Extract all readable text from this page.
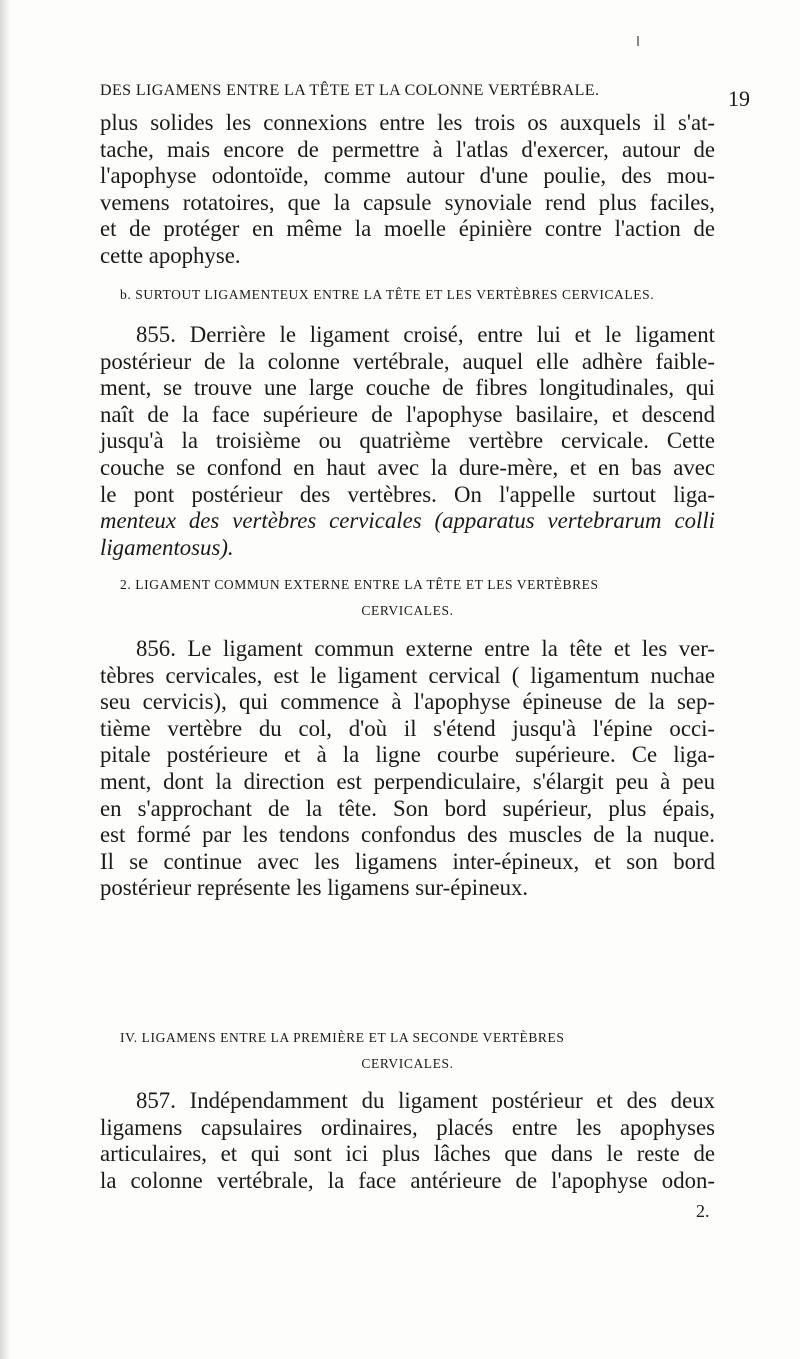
DES LIGAMENS ENTRE LA TÊTE ET LA COLONNE VERTÉBRALE.	19
plus solides les connexions entre les trois os auxquels il s'at-
tache, mais encore de permettre à l'atlas d'exercer, autour de
l'apophyse odontoïde, comme autour d'une poulie, des mou-
vemens rotatoires, que la capsule synoviale rend plus faciles,
et de protéger en même la moelle épinière contre l'action de
cette apophyse.
b. SURTOUT LIGAMENTEUX ENTRE LA TÊTE ET LES VERTÈBRES CERVICALES.
855. Derrière le ligament croisé, entre lui et le ligament
postérieur de la colonne vertébrale, auquel elle adhère faible-
ment, se trouve une large couche de fibres longitudinales, qui
naît de la face supérieure de l'apophyse basilaire, et descend
jusqu'à la troisième ou quatrième vertèbre cervicale. Cette
couche se confond en haut avec la dure-mère, et en bas avec
le pont postérieur des vertèbres. On l'appelle surtout liga-
menteux des vertèbres cervicales (apparatus vertebrarum colli
ligamentosus).
2. LIGAMENT COMMUN EXTERNE ENTRE LA TÊTE ET LES VERTÈBRES
CERVICALES.
856. Le ligament commun externe entre la tête et les ver-
tèbres cervicales, est le ligament cervical ( ligamentum nuchae
seu cervicis), qui commence à l'apophyse épineuse de la sep-
tième vertèbre du col, d'où il s'étend jusqu'à l'épine occi-
pitale postérieure et à la ligne courbe supérieure. Ce liga-
ment, dont la direction est perpendiculaire, s'élargit peu à peu
en s'approchant de la tête. Son bord supérieur, plus épais,
est formé par les tendons confondus des muscles de la nuque.
Il se continue avec les ligamens inter-épineux, et son bord
postérieur représente les ligamens sur-épineux.
IV. LIGAMENS ENTRE LA PREMIÈRE ET LA SECONDE VERTÈBRES
CERVICALES.
857. Indépendamment du ligament postérieur et des deux
ligamens capsulaires ordinaires, placés entre les apophyses
articulaires, et qui sont ici plus lâches que dans le reste de
la colonne vertébrale, la face antérieure de l'apophyse odon-
2.
